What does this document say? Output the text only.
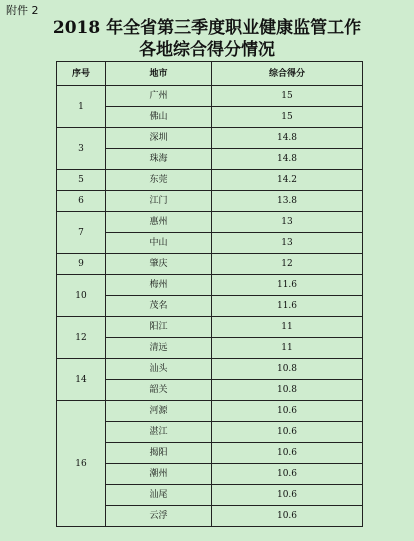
附件 2
2018 年全省第三季度职业健康监管工作
各地综合得分情况
序号	地市	综合得分
1	广州	15
	佛山	15
3	深圳	14.8
	珠海	14.8
5	东莞	14.2
6	江门	13.8
7	惠州	13
	中山	13
9	肇庆	12
10	梅州	11.6
	茂名	11.6
12	阳江	11
	清远	11
14	汕头	10.8
	韶关	10.8
16	河源	10.6
	湛江	10.6
	揭阳	10.6
	潮州	10.6
	汕尾	10.6
	云浮	10.6
